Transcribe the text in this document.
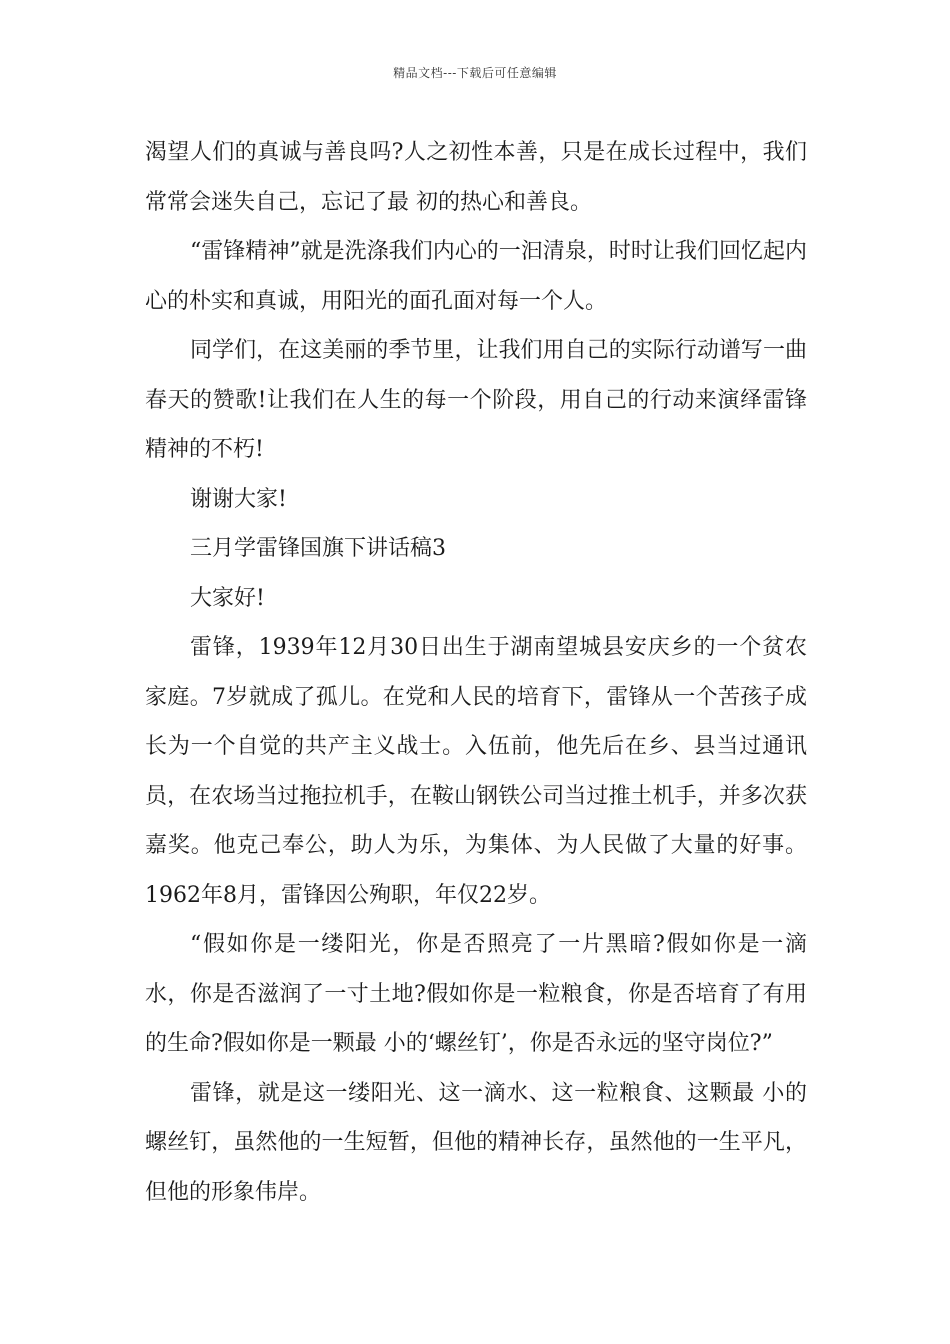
精品文档---下载后可任意编辑

渴望人们的真诚与善良吗?人之初性本善，只是在成长过程中，我们常常会迷失自己，忘记了最 初的热心和善良。

“雷锋精神”就是洗涤我们内心的一汩清泉，时时让我们回忆起内心的朴实和真诚，用阳光的面孔面对每一个人。

同学们，在这美丽的季节里，让我们用自己的实际行动谱写一曲春天的赞歌!让我们在人生的每一个阶段，用自己的行动来演绎雷锋精神的不朽!

谢谢大家!

三月学雷锋国旗下讲话稿3

大家好!

雷锋，1939年12月30日出生于湖南望城县安庆乡的一个贫农家庭。7岁就成了孤儿。在党和人民的培育下，雷锋从一个苦孩子成长为一个自觉的共产主义战士。入伍前，他先后在乡、县当过通讯员，在农场当过拖拉机手，在鞍山钢铁公司当过推土机手，并多次获嘉奖。他克己奉公，助人为乐，为集体、为人民做了大量的好事。1962年8月，雷锋因公殉职，年仅22岁。

“假如你是一缕阳光，你是否照亮了一片黑暗?假如你是一滴水，你是否滋润了一寸土地?假如你是一粒粮食，你是否培育了有用的生命?假如你是一颗最 小的‘螺丝钉’，你是否永远的坚守岗位?”

雷锋，就是这一缕阳光、这一滴水、这一粒粮食、这颗最 小的螺丝钉，虽然他的一生短暂，但他的精神长存，虽然他的一生平凡，但他的形象伟岸。
